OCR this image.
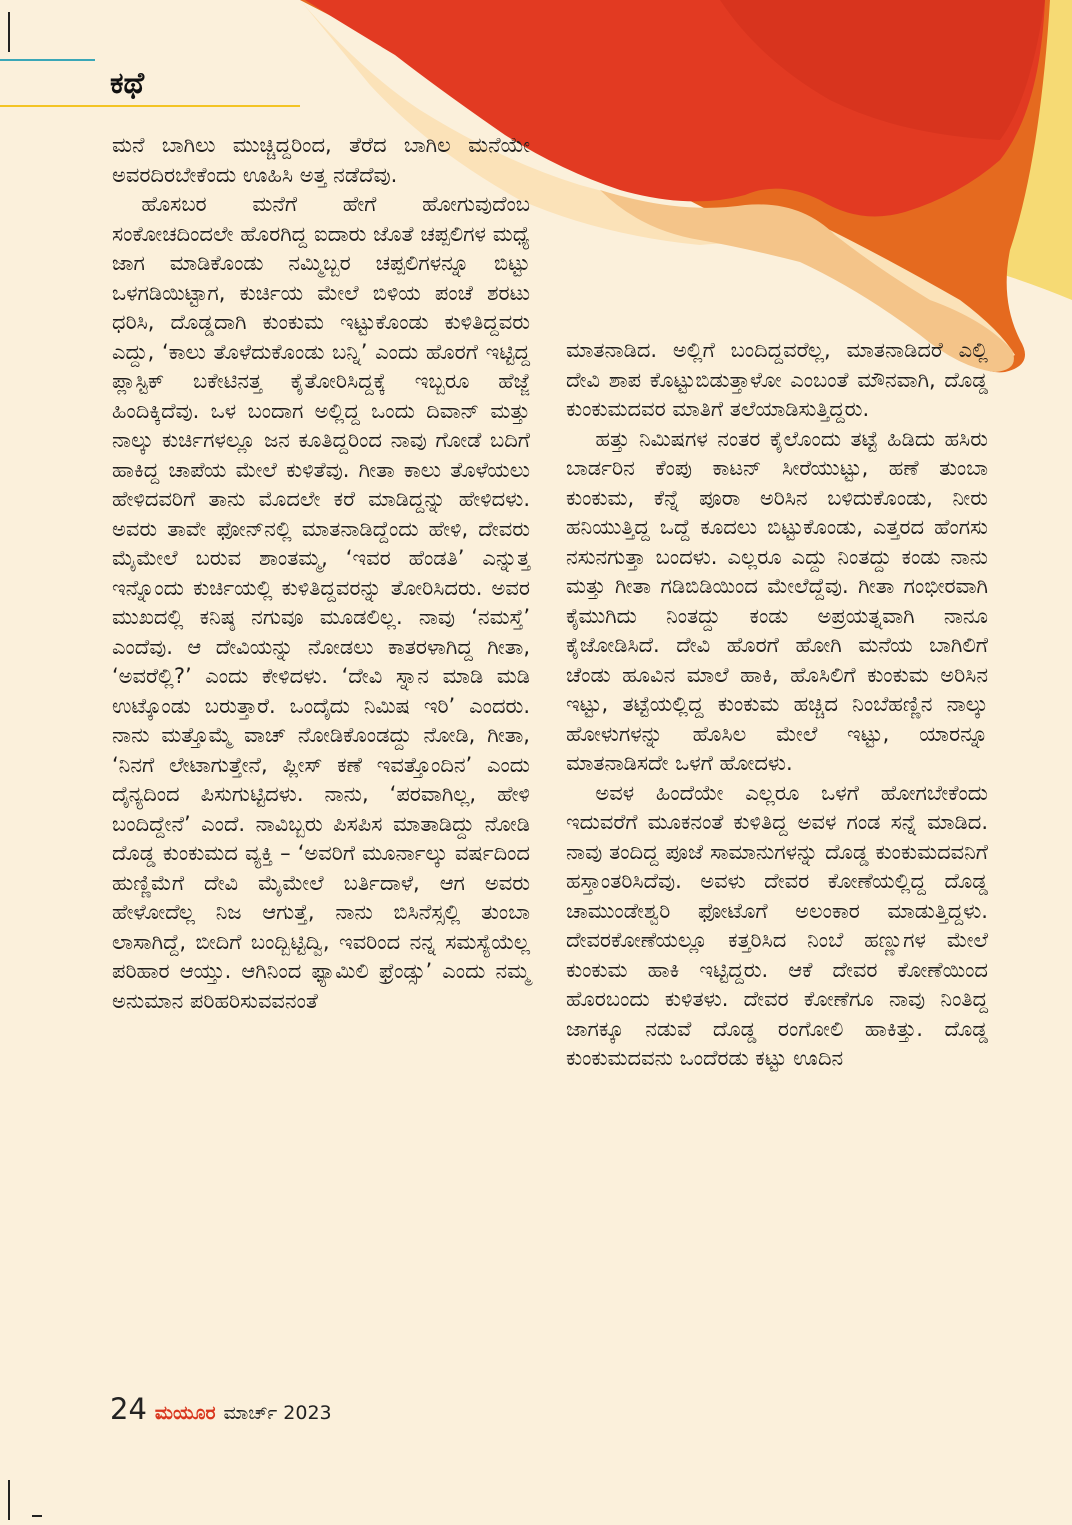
ಕಥೆ

ಮನೆ ಬಾಗಿಲು ಮುಚ್ಚಿದ್ದರಿಂದ, ತೆರೆದ ಬಾಗಿಲ ಮನೆಯೇ ಅವರದಿರಬೇಕೆಂದು ಊಹಿಸಿ ಅತ್ತ ನಡೆದೆವು.

ಹೊಸಬರ ಮನೆಗೆ ಹೇಗೆ ಹೋಗುವುದೆಂಬ ಸಂಕೋಚದಿಂದಲೇ ಹೊರಗಿದ್ದ ಐದಾರು ಜೊತೆ ಚಪ್ಪಲಿಗಳ ಮಧ್ಯೆ ಜಾಗ ಮಾಡಿಕೊಂಡು ನಮ್ಮಿಬ್ಬರ ಚಪ್ಪಲಿಗಳನ್ನೂ ಬಿಟ್ಟು ಒಳಗಡಿಯಿಟ್ಟಾಗ, ಕುರ್ಚಿಯ ಮೇಲೆ ಬಿಳಿಯ ಪಂಚೆ ಶರಟು ಧರಿಸಿ, ದೊಡ್ಡದಾಗಿ ಕುಂಕುಮ ಇಟ್ಟುಕೊಂಡು ಕುಳಿತಿದ್ದವರು ಎದ್ದು, ‘ಕಾಲು ತೊಳೆದುಕೊಂಡು ಬನ್ನಿ’ ಎಂದು ಹೊರಗೆ ಇಟ್ಟಿದ್ದ ಪ್ಲಾಸ್ಟಿಕ್ ಬಕೇಟಿನತ್ತ ಕೈತೋರಿಸಿದ್ದಕ್ಕೆ ಇಬ್ಬರೂ ಹೆಜ್ಜೆ ಹಿಂದಿಕ್ಕಿದೆವು. ಒಳ ಬಂದಾಗ ಅಲ್ಲಿದ್ದ ಒಂದು ದಿವಾನ್ ಮತ್ತು ನಾಲ್ಕು ಕುರ್ಚಿಗಳಲ್ಲೂ ಜನ ಕೂತಿದ್ದರಿಂದ ನಾವು ಗೋಡೆ ಬದಿಗೆ ಹಾಕಿದ್ದ ಚಾಪೆಯ ಮೇಲೆ ಕುಳಿತೆವು. ಗೀತಾ ಕಾಲು ತೊಳೆಯಲು ಹೇಳಿದವರಿಗೆ ತಾನು ಮೊದಲೇ ಕರೆ ಮಾಡಿದ್ದನ್ನು ಹೇಳಿದಳು. ಅವರು ತಾವೇ ಫೋನ್‌ನಲ್ಲಿ ಮಾತನಾಡಿದ್ದೆಂದು ಹೇಳಿ, ದೇವರು ಮೈಮೇಲೆ ಬರುವ ಶಾಂತಮ್ಮ, ‘ಇವರ ಹೆಂಡತಿ’ ಎನ್ನುತ್ತ ಇನ್ನೊಂದು ಕುರ್ಚಿಯಲ್ಲಿ ಕುಳಿತಿದ್ದವರನ್ನು ತೋರಿಸಿದರು. ಅವರ ಮುಖದಲ್ಲಿ ಕನಿಷ್ಠ ನಗುವೂ ಮೂಡಲಿಲ್ಲ. ನಾವು ‘ನಮಸ್ತೆ’ ಎಂದೆವು. ಆ ದೇವಿಯನ್ನು ನೋಡಲು ಕಾತರಳಾಗಿದ್ದ ಗೀತಾ, ‘ಅವರೆಲ್ಲಿ?’ ಎಂದು ಕೇಳಿದಳು. ‘ದೇವಿ ಸ್ನಾನ ಮಾಡಿ ಮಡಿ ಉಟ್ಕೊಂಡು ಬರುತ್ತಾರೆ. ಒಂದೈದು ನಿಮಿಷ ಇರಿ’ ಎಂದರು. ನಾನು ಮತ್ತೊಮ್ಮೆ ವಾಚ್ ನೋಡಿಕೊಂಡದ್ದು ನೋಡಿ, ಗೀತಾ, ‘ನಿನಗೆ ಲೇಟಾಗುತ್ತೇನೆ, ಪ್ಲೀಸ್ ಕಣೆ ಇವತ್ತೊಂದಿನ’ ಎಂದು ದೈನ್ಯದಿಂದ ಪಿಸುಗುಟ್ಟಿದಳು. ನಾನು, ‘ಪರವಾಗಿಲ್ಲ, ಹೇಳಿ ಬಂದಿದ್ದೇನೆ’ ಎಂದೆ. ನಾವಿಬ್ಬರು ಪಿಸಪಿಸ ಮಾತಾಡಿದ್ದು ನೋಡಿ ದೊಡ್ಡ ಕುಂಕುಮದ ವ್ಯಕ್ತಿ – ‘ಅವರಿಗೆ ಮೂರ್ನಾಲ್ಕು ವರ್ಷದಿಂದ ಹುಣ್ಣಿಮೆಗೆ ದೇವಿ ಮೈಮೇಲೆ ಬರ್ತಿದಾಳೆ, ಆಗ ಅವರು ಹೇಳೋದೆಲ್ಲ ನಿಜ ಆಗುತ್ತೆ, ನಾನು ಬಿಸಿನೆಸ್ಸಲ್ಲಿ ತುಂಬಾ ಲಾಸಾಗಿದ್ದೆ, ಬೀದಿಗೆ ಬಂದ್ಬಿಟ್ಟಿದ್ವಿ, ಇವರಿಂದ ನನ್ನ ಸಮಸ್ಯೆಯೆಲ್ಲ ಪರಿಹಾರ ಆಯ್ತು. ಆಗಿನಿಂದ ಫ್ಯಾಮಿಲಿ ಫ್ರೆಂಡ್ಸು’ ಎಂದು ನಮ್ಮ ಅನುಮಾನ ಪರಿಹರಿಸುವವನಂತೆ

ಮಾತನಾಡಿದ. ಅಲ್ಲಿಗೆ ಬಂದಿದ್ದವರೆಲ್ಲ, ಮಾತನಾಡಿದರೆ ಎಲ್ಲಿ ದೇವಿ ಶಾಪ ಕೊಟ್ಟುಬಿಡುತ್ತಾಳೋ ಎಂಬಂತೆ ಮೌನವಾಗಿ, ದೊಡ್ಡ ಕುಂಕುಮದವರ ಮಾತಿಗೆ ತಲೆಯಾಡಿಸುತ್ತಿದ್ದರು.

ಹತ್ತು ನಿಮಿಷಗಳ ನಂತರ ಕೈಲೊಂದು ತಟ್ಟೆ ಹಿಡಿದು ಹಸಿರು ಬಾರ್ಡರಿನ ಕೆಂಪು ಕಾಟನ್ ಸೀರೆಯುಟ್ಟು, ಹಣೆ ತುಂಬಾ ಕುಂಕುಮ, ಕೆನ್ನೆ ಪೂರಾ ಅರಿಸಿನ ಬಳಿದುಕೊಂಡು, ನೀರು ಹನಿಯುತ್ತಿದ್ದ ಒದ್ದೆ ಕೂದಲು ಬಿಟ್ಟುಕೊಂಡು, ಎತ್ತರದ ಹೆಂಗಸು ನಸುನಗುತ್ತಾ ಬಂದಳು. ಎಲ್ಲರೂ ಎದ್ದು ನಿಂತದ್ದು ಕಂಡು ನಾನು ಮತ್ತು ಗೀತಾ ಗಡಿಬಿಡಿಯಿಂದ ಮೇಲೆದ್ದೆವು. ಗೀತಾ ಗಂಭೀರವಾಗಿ ಕೈಮುಗಿದು ನಿಂತದ್ದು ಕಂಡು ಅಪ್ರಯತ್ನವಾಗಿ ನಾನೂ ಕೈಜೋಡಿಸಿದೆ. ದೇವಿ ಹೊರಗೆ ಹೋಗಿ ಮನೆಯ ಬಾಗಿಲಿಗೆ ಚೆಂಡು ಹೂವಿನ ಮಾಲೆ ಹಾಕಿ, ಹೊಸಿಲಿಗೆ ಕುಂಕುಮ ಅರಿಸಿನ ಇಟ್ಟು, ತಟ್ಟೆಯಲ್ಲಿದ್ದ ಕುಂಕುಮ ಹಚ್ಚಿದ ನಿಂಬೆಹಣ್ಣಿನ ನಾಲ್ಕು ಹೋಳುಗಳನ್ನು ಹೊಸಿಲ ಮೇಲೆ ಇಟ್ಟು, ಯಾರನ್ನೂ ಮಾತನಾಡಿಸದೇ ಒಳಗೆ ಹೋದಳು.

ಅವಳ ಹಿಂದೆಯೇ ಎಲ್ಲರೂ ಒಳಗೆ ಹೋಗಬೇಕೆಂದು ಇದುವರೆಗೆ ಮೂಕನಂತೆ ಕುಳಿತಿದ್ದ ಅವಳ ಗಂಡ ಸನ್ನೆ ಮಾಡಿದ. ನಾವು ತಂದಿದ್ದ ಪೂಜೆ ಸಾಮಾನುಗಳನ್ನು ದೊಡ್ಡ ಕುಂಕುಮದವನಿಗೆ ಹಸ್ತಾಂತರಿಸಿದೆವು. ಅವಳು ದೇವರ ಕೋಣೆಯಲ್ಲಿದ್ದ ದೊಡ್ಡ ಚಾಮುಂಡೇಶ್ವರಿ ಫೋಟೊಗೆ ಅಲಂಕಾರ ಮಾಡುತ್ತಿದ್ದಳು. ದೇವರಕೋಣೆಯಲ್ಲೂ ಕತ್ತರಿಸಿದ ನಿಂಬೆ ಹಣ್ಣುಗಳ ಮೇಲೆ ಕುಂಕುಮ ಹಾಕಿ ಇಟ್ಟಿದ್ದರು. ಆಕೆ ದೇವರ ಕೋಣೆಯಿಂದ ಹೊರಬಂದು ಕುಳಿತಳು. ದೇವರ ಕೋಣೆಗೂ ನಾವು ನಿಂತಿದ್ದ ಜಾಗಕ್ಕೂ ನಡುವೆ ದೊಡ್ಡ ರಂಗೋಲಿ ಹಾಕಿತ್ತು. ದೊಡ್ಡ ಕುಂಕುಮದವನು ಒಂದೆರಡು ಕಟ್ಟು ಊದಿನ

24 ಮಯೂರ ಮಾರ್ಚ್ 2023
